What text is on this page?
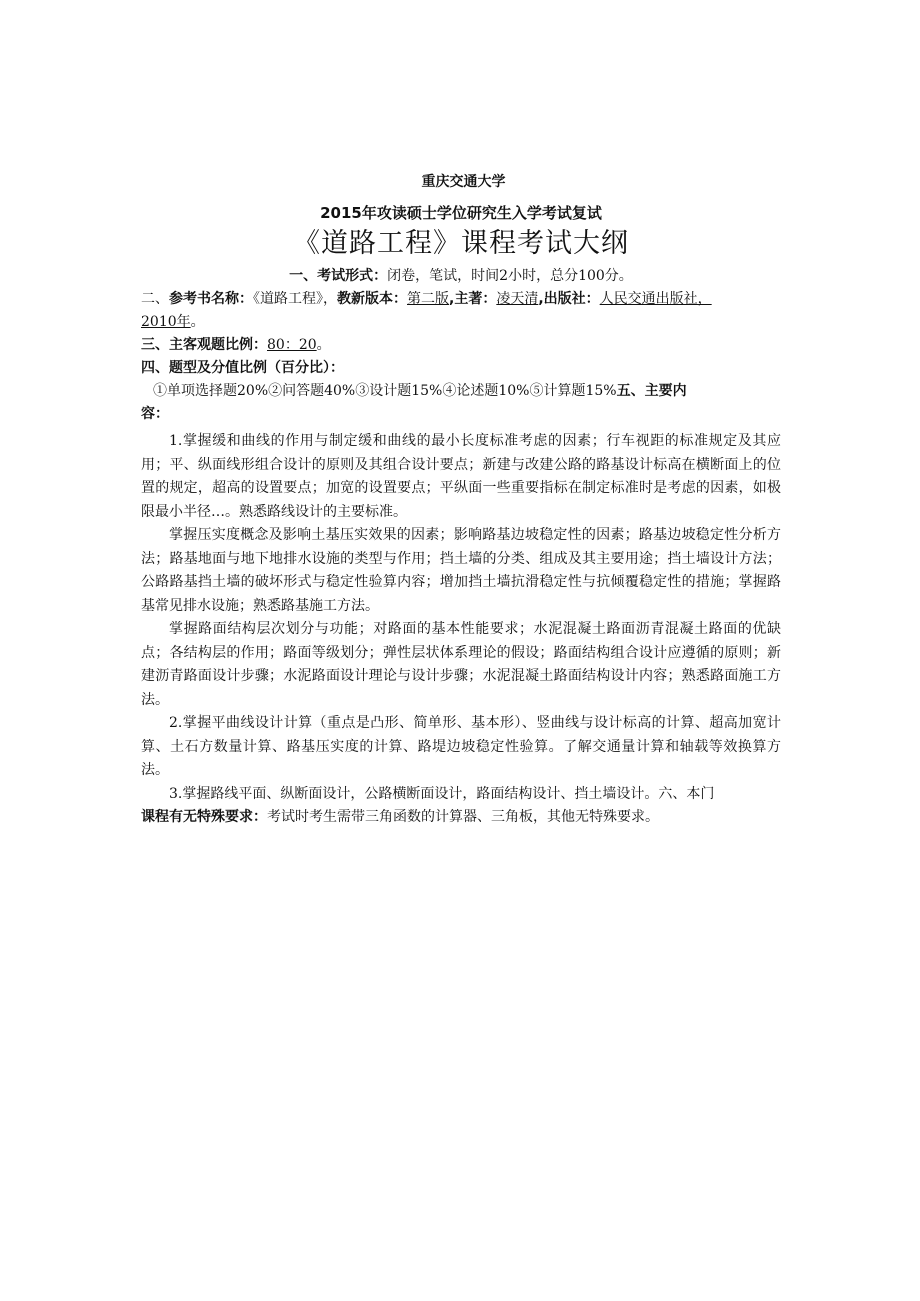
重庆交通大学
2015年攻读硕士学位研究生入学考试复试
《道路工程》课程考试大纲
一、考试形式：闭卷，笔试，时间2小时，总分100分。
二、参考书名称：《道路工程》，教新版本：第二版,主著：凌天清,出版社：人民交通出版社，
2010年。
三、主客观题比例：80：20。
四、题型及分值比例（百分比）：
①单项选择题20%②问答题40%③设计题15%④论述题10%⑤计算题15%五、主要内
容：

1.掌握缓和曲线的作用与制定缓和曲线的最小长度标准考虑的因素；行车视距的标准规定及其应用；平、纵面线形组合设计的原则及其组合设计要点；新建与改建公路的路基设计标高在横断面上的位置的规定，超高的设置要点；加宽的设置要点；平纵面一些重要指标在制定标准时是考虑的因素，如极限最小半径…。熟悉路线设计的主要标准。

掌握压实度概念及影响土基压实效果的因素；影响路基边坡稳定性的因素；路基边坡稳定性分析方法；路基地面与地下地排水设施的类型与作用；挡土墙的分类、组成及其主要用途；挡土墙设计方法；公路路基挡土墙的破坏形式与稳定性验算内容；增加挡土墙抗滑稳定性与抗倾覆稳定性的措施；掌握路基常见排水设施；熟悉路基施工方法。

掌握路面结构层次划分与功能；对路面的基本性能要求；水泥混凝土路面沥青混凝土路面的优缺点；各结构层的作用；路面等级划分；弹性层状体系理论的假设；路面结构组合设计应遵循的原则；新建沥青路面设计步骤；水泥路面设计理论与设计步骤；水泥混凝土路面结构设计内容；熟悉路面施工方法。

2.掌握平曲线设计计算（重点是凸形、简单形、基本形）、竖曲线与设计标高的计算、超高加宽计算、土石方数量计算、路基压实度的计算、路堤边坡稳定性验算。了解交通量计算和轴载等效换算方法。

3.掌握路线平面、纵断面设计，公路横断面设计，路面结构设计、挡土墙设计。六、本门

课程有无特殊要求：考试时考生需带三角函数的计算器、三角板，其他无特殊要求。
